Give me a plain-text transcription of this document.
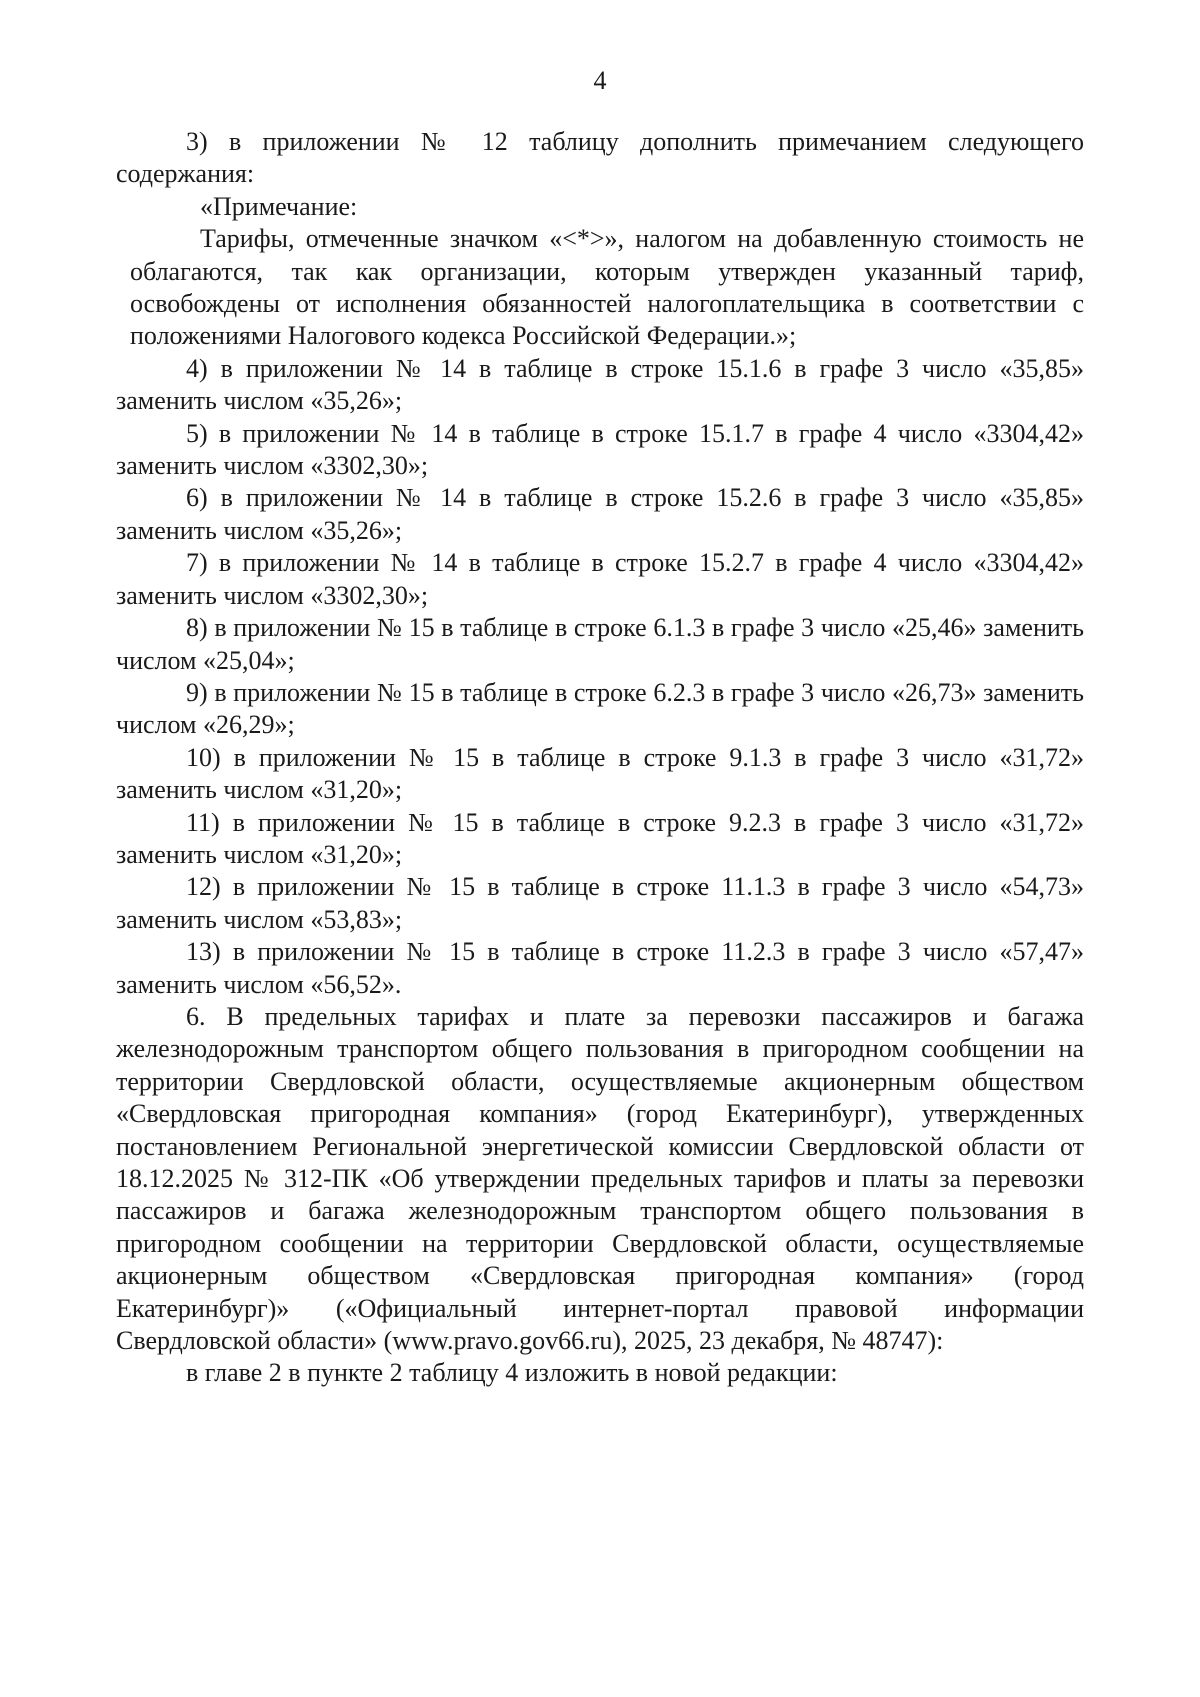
4

3) в приложении № 12 таблицу дополнить примечанием следующего содержания:

«Примечание:

Тарифы, отмеченные значком «<*>», налогом на добавленную стоимость не облагаются, так как организации, которым утвержден указанный тариф, освобождены от исполнения обязанностей налогоплательщика в соответствии с положениями Налогового кодекса Российской Федерации.»;

4) в приложении № 14 в таблице в строке 15.1.6 в графе 3 число «35,85» заменить числом «35,26»;

5) в приложении № 14 в таблице в строке 15.1.7 в графе 4 число «3304,42» заменить числом «3302,30»;

6) в приложении № 14 в таблице в строке 15.2.6 в графе 3 число «35,85» заменить числом «35,26»;

7) в приложении № 14 в таблице в строке 15.2.7 в графе 4 число «3304,42» заменить числом «3302,30»;

8) в приложении № 15 в таблице в строке 6.1.3 в графе 3 число «25,46» заменить числом «25,04»;

9) в приложении № 15 в таблице в строке 6.2.3 в графе 3 число «26,73» заменить числом «26,29»;

10) в приложении № 15 в таблице в строке 9.1.3 в графе 3 число «31,72» заменить числом «31,20»;

11) в приложении № 15 в таблице в строке 9.2.3 в графе 3 число «31,72» заменить числом «31,20»;

12) в приложении № 15 в таблице в строке 11.1.3 в графе 3 число «54,73» заменить числом «53,83»;

13) в приложении № 15 в таблице в строке 11.2.3 в графе 3 число «57,47» заменить числом «56,52».

6. В предельных тарифах и плате за перевозки пассажиров и багажа железнодорожным транспортом общего пользования в пригородном сообщении на территории Свердловской области, осуществляемые акционерным обществом «Свердловская пригородная компания» (город Екатеринбург), утвержденных постановлением Региональной энергетической комиссии Свердловской области от 18.12.2025 № 312-ПК «Об утверждении предельных тарифов и платы за перевозки пассажиров и багажа железнодорожным транспортом общего пользования в пригородном сообщении на территории Свердловской области, осуществляемые акционерным обществом «Свердловская пригородная компания» (город Екатеринбург)» («Официальный интернет-портал правовой информации Свердловской области» (www.pravo.gov66.ru), 2025, 23 декабря, № 48747):

в главе 2 в пункте 2 таблицу 4 изложить в новой редакции:
